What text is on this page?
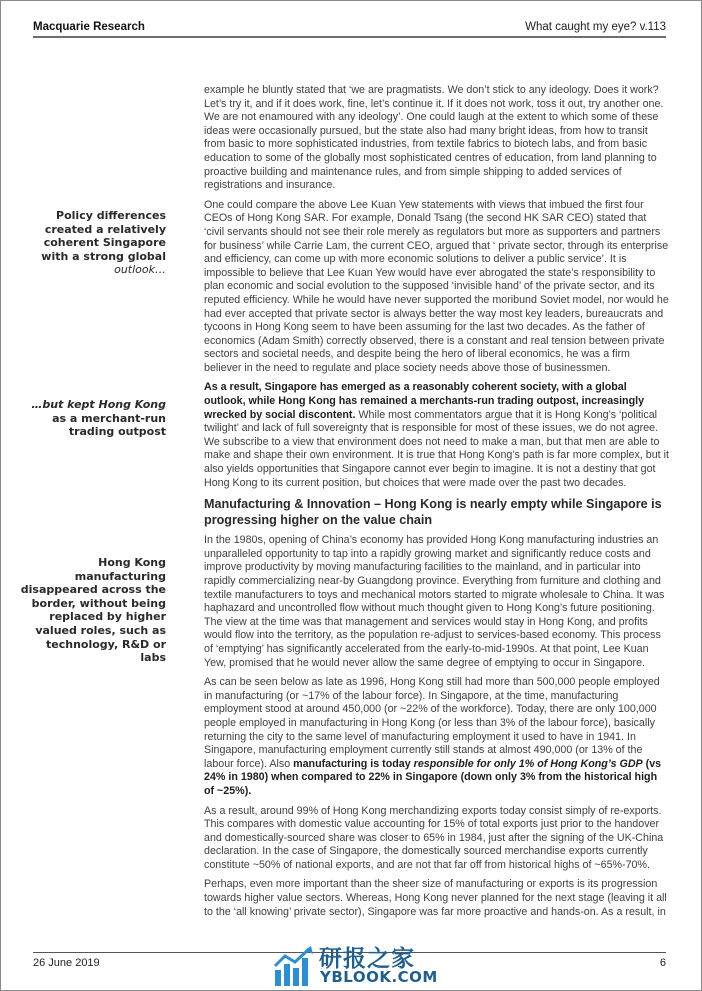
Macquarie Research	What caught my eye? v.113
Policy differences created a relatively coherent Singapore with a strong global
outlook…
…but kept Hong Kong
as a merchant-run trading outpost
Hong Kong manufacturing disappeared across the border, without being replaced by higher valued roles, such as technology, R&D or labs

example he bluntly stated that ‘we are pragmatists. We don’t stick to any ideology. Does it work? Let’s try it, and if it does work, fine, let’s continue it. If it does not work, toss it out, try another one. We are not enamoured with any ideology’. One could laugh at the extent to which some of these ideas were occasionally pursued, but the state also had many bright ideas, from how to transit from basic to more sophisticated industries, from textile fabrics to biotech labs, and from basic education to some of the globally most sophisticated centres of education, from land planning to proactive building and maintenance rules, and from simple shipping to added services of registrations and insurance.

One could compare the above Lee Kuan Yew statements with views that imbued the first four CEOs of Hong Kong SAR. For example, Donald Tsang (the second HK SAR CEO) stated that ‘civil servants should not see their role merely as regulators but more as supporters and partners for business’ while Carrie Lam, the current CEO, argued that ‘ private sector, through its enterprise and efficiency, can come up with more economic solutions to deliver a public service’. It is impossible to believe that Lee Kuan Yew would have ever abrogated the state’s responsibility to plan economic and social evolution to the supposed ‘invisible hand’ of the private sector, and its reputed efficiency. While he would have never supported the moribund Soviet model, nor would he had ever accepted that private sector is always better the way most key leaders, bureaucrats and tycoons in Hong Kong seem to have been assuming for the last two decades. As the father of economics (Adam Smith) correctly observed, there is a constant and real tension between private sectors and societal needs, and despite being the hero of liberal economics, he was a firm believer in the need to regulate and place society needs above those of businessmen.

As a result, Singapore has emerged as a reasonably coherent society, with a global outlook, while Hong Kong has remained a merchants-run trading outpost, increasingly wrecked by social discontent. While most commentators argue that it is Hong Kong’s ‘political twilight’ and lack of full sovereignty that is responsible for most of these issues, we do not agree. We subscribe to a view that environment does not need to make a man, but that men are able to make and shape their own environment. It is true that Hong Kong’s path is far more complex, but it also yields opportunities that Singapore cannot ever begin to imagine. It is not a destiny that got Hong Kong to its current position, but choices that were made over the past two decades.

Manufacturing & Innovation – Hong Kong is nearly empty while Singapore is progressing higher on the value chain

In the 1980s, opening of China’s economy has provided Hong Kong manufacturing industries an unparalleled opportunity to tap into a rapidly growing market and significantly reduce costs and improve productivity by moving manufacturing facilities to the mainland, and in particular into rapidly commercializing near-by Guangdong province. Everything from furniture and clothing and textile manufacturers to toys and mechanical motors started to migrate wholesale to China. It was haphazard and uncontrolled flow without much thought given to Hong Kong’s future positioning. The view at the time was that management and services would stay in Hong Kong, and profits would flow into the territory, as the population re-adjust to services-based economy. This process of ‘emptying’ has significantly accelerated from the early-to-mid-1990s. At that point, Lee Kuan Yew, promised that he would never allow the same degree of emptying to occur in Singapore.

As can be seen below as late as 1996, Hong Kong still had more than 500,000 people employed in manufacturing (or ~17% of the labour force). In Singapore, at the time, manufacturing employment stood at around 450,000 (or ~22% of the workforce). Today, there are only 100,000 people employed in manufacturing in Hong Kong (or less than 3% of the labour force), basically returning the city to the same level of manufacturing employment it used to have in 1941. In Singapore, manufacturing employment currently still stands at almost 490,000 (or 13% of the labour force). Also manufacturing is today responsible for only 1% of Hong Kong’s GDP (vs 24% in 1980) when compared to 22% in Singapore (down only 3% from the historical high of ~25%).

As a result, around 99% of Hong Kong merchandizing exports today consist simply of re-exports. This compares with domestic value accounting for 15% of total exports just prior to the handover and domestically-sourced share was closer to 65% in 1984, just after the signing of the UK-China declaration. In the case of Singapore, the domestically sourced merchandise exports currently constitute ~50% of national exports, and are not that far off from historical highs of ~65%-70%.

Perhaps, even more important than the sheer size of manufacturing or exports is its progression towards higher value sectors. Whereas, Hong Kong never planned for the next stage (leaving it all to the ‘all knowing’ private sector), Singapore was far more proactive and hands-on. As a result, in

26 June 2019	6
研报之家
YBLOOK.COM
